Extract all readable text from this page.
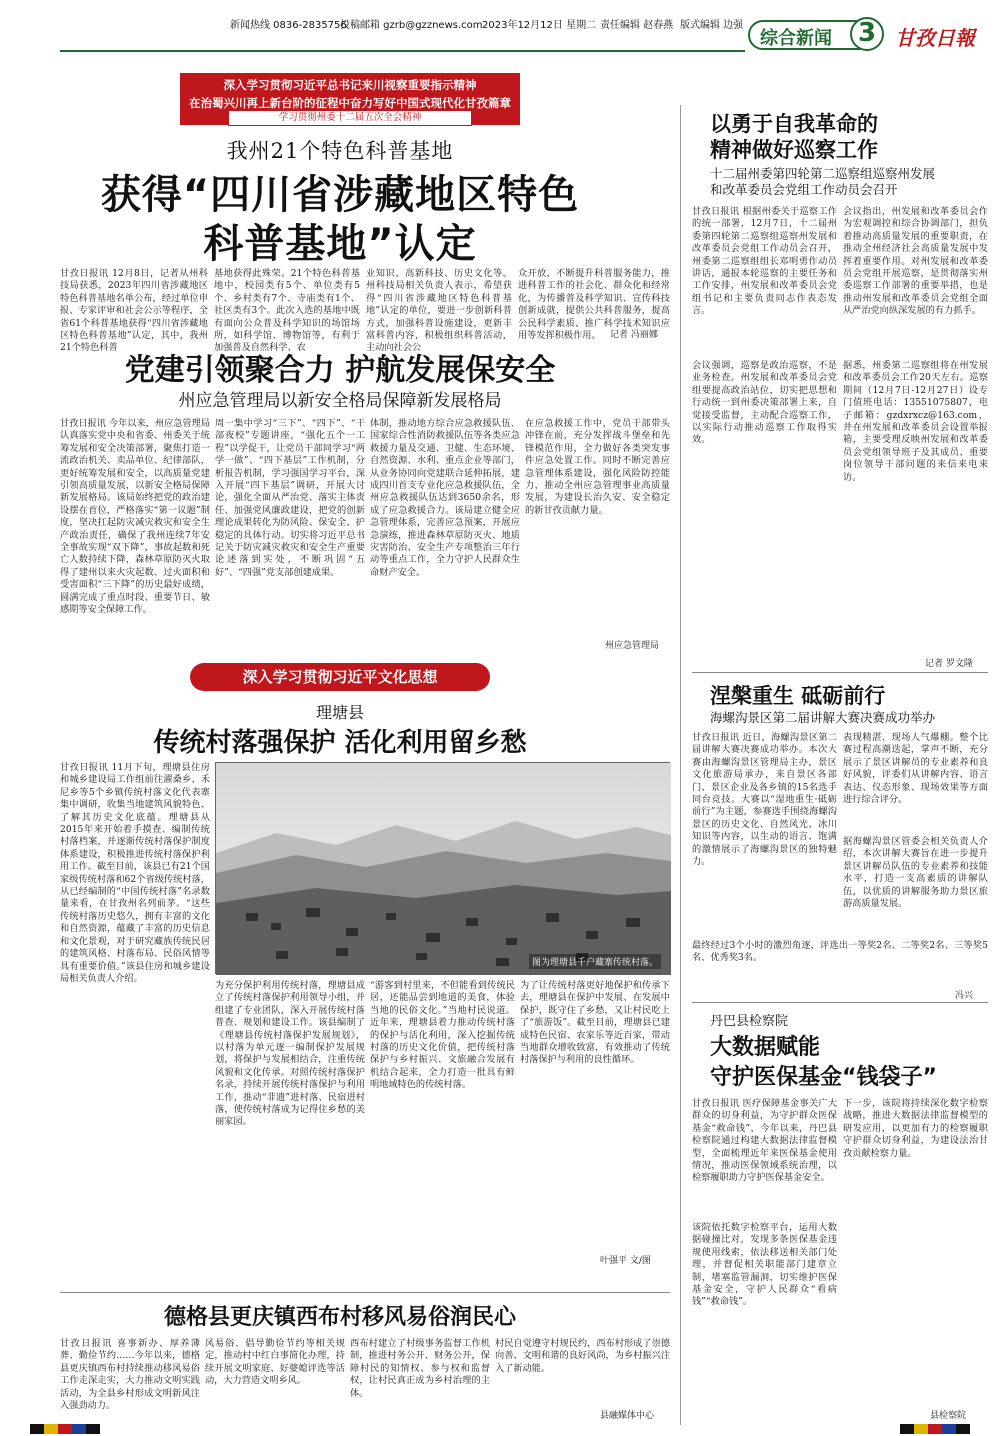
新闻热线 0836-2835756
投稿邮箱 gzrb@gzznews.com 2023年12月12日 星期二 责任编辑 赵春燕 版式编辑 边强
综合新闻 3 甘孜日報
深入学习贯彻习近平总书记来川视察重要指示精神
在治蜀兴川再上新台阶的征程中奋力写好中国式现代化甘孜篇章
学习贯彻州委十二届五次全会精神
我州21个特色科普基地
获得“四川省涉藏地区特色
科普基地”认定
甘孜日报讯 12月8日，记者从州科技局获悉，2023年四川省涉藏地区特色科普基地名单公布，经过单位申报、专家评审和社会公示等程序，全省61个科普基地获得“四川省涉藏地区特色科普基地”认定，其中，我州21个特色科普
基地获得此殊荣。21个特色科普基地中，校园类有5个、单位类有5个、乡村类有7个、寺庙类有1个、社区类有3个。此次入选的基地中既有面向公众普及科学知识的场馆场所，如科学馆、博物馆等，有利于加强普及自然科学、农
业知识、高新科技、历史文化等。州科技局相关负责人表示，希望获得“四川省涉藏地区特色科普基地”认定的单位，要进一步创新科普方式，加强科普设施建设，更新丰富科普内容，积极组织科普活动，主动向社会公
众开放，不断提升科普服务能力，推进科普工作的社会化、群众化和经常化，为传播普及科学知识、宣传科技创新成就，提供公共科普服务，提高公民科学素质、推广科学技术知识应用等发挥积极作用。	记者 冯丽娜
党建引领聚合力 护航发展保安全
州应急管理局以新安全格局保障新发展格局
甘孜日报讯 今年以来，州应急管理局认真落实党中央和省委、州委关于统筹发展和安全决策部署，聚焦打造一流政治机关、卖品单位、纪律部队，更好统筹发展和安全，以高质量党建引领高质量发展，以新安全格局保障新发展格局。该局始终把党的政治建设摆在首位，严格落实“第一议题”制度，坚决扛起防灾减灾救灾和安全生产政治责任，确保了我州连续7年安全事故实现“双下降”，事故起数和死亡人数持续下降，森林草原防灭火取得了建州以来火灾起数、过火面积和受害面积“三下降”的历史最好成绩，圆满完成了重点时段、重要节日、敏感期等安全保障工作。
周一集中学习“三下”、“四下”、“干部夜校”专题讲座，“强化五个一工程”以学促干，让党员干部同学习“两学一做”、“四下基层”工作机制，分析报告机制，学习强国学习平台，深入开展“四下基层”调研，开展大讨论，强化全面从严治党、落实主体责任、加强党风廉政建设，把党的创新理论成果转化为防风险、保安全、护稳定的具体行动。切实将习近平总书记关于防灾减灾救灾和安全生产重要论述落到实处，不断巩固“五好”、“四强”党支部创建成果。
体制，推动地方综合应急救援队伍、国家综合性消防救援队伍等各类应急救援力量及交通、卫健、生态环境、自然资源、水利、重点企业等部门，从业务协同向党建联合延伸拓展，建成四川首支专业化应急救援队伍，全州应急救援队伍达到3650余名，形成了应急救援合力。该局建立健全应急管理体系，完善应急预案，开展应急演练，推进森林草原防灭火、地质灾害防治、安全生产专项整治三年行动等重点工作，全力守护人民群众生命财产安全。
在应急救援工作中，党员干部带头冲锋在前，充分发挥战斗堡垒和先锋模范作用，全力做好各类突发事件应急处置工作。同时不断完善应急管理体系建设，强化风险防控能力，推动全州应急管理事业高质量发展，为建设长治久安、安全稳定的新甘孜贡献力量。
州应急管理局
深入学习贯彻习近平文化思想
理塘县
传统村落强保护 活化利用留乡愁
甘孜日报讯 11月下旬，理塘县住房和城乡建设局工作组前往濯桑乡、禾尼乡等5个乡镇传统村落文化代表寨集中调研，收集当地建筑风貌特色、了解其历史文化底蕴。理塘县从2015年来开始着手摸查、编制传统村落档案，并逐渐传统村落保护制度体系建设，积极推进传统村落保护利用工作。截至目前，该县已有21个国家级传统村落和62个省级传统村落，从已经编制的“中国传统村落”名录数量来看，在甘孜州名列前茅。“这些传统村落历史悠久，拥有丰富的文化和自然资源，蕴藏了丰富的历史信息和文化景观，对于研究藏族传统民居的建筑风格、村落布局、民俗风情等具有重要价值。”该县住房和城乡建设局相关负责人介绍。
图为理塘县千户藏寨传统村落。
为充分保护利用传统村落，理塘县成立了传统村落保护利用领导小组，并组建了专业团队，深入开展传统村落普查、规划和建设工作。该县编制了《理塘县传统村落保护发展规划》，以村落为单元逐一编制保护发展规划，将保护与发展相结合，注重传统风貌和文化传承。对照传统村落保护名录，持续开展传统村落保护与利用工作，推动“非遗”进村落、民宿进村落，使传统村落成为记得住乡愁的美丽家园。
“游客到村里来，不但能看到传统民居，还能品尝到地道的美食，体验当地的民俗文化。”当地村民说道。近年来，理塘县着力推动传统村落的保护与活化利用，深入挖掘传统村落的历史文化价值，把传统村落保护与乡村振兴、文旅融合发展有机结合起来，全力打造一批具有鲜明地域特色的传统村落。
为了让传统村落更好地保护和传承下去，理塘县在保护中发展、在发展中保护，既守住了乡愁，又让村民吃上了“旅游饭”。截至目前，理塘县已建成特色民宿、农家乐等近百家，带动当地群众增收致富，有效推动了传统村落保护与利用的良性循环。
叶强平 文/图
德格县更庆镇西布村移风易俗润民心
甘孜日报讯 喜事新办、厚养薄葬、勤俭节约……今年以来，德格县更庆镇西布村持续推动移风易俗工作走深走实，大力推动文明实践活动，为全县乡村形成文明新风注入强劲动力。
风易俗、倡导勤俭节约等相关规定，推动村中红白事简化办理，持续开展文明家庭、好婆媳评选等活动，大力营造文明乡风。
西布村建立了村级事务监督工作机制，推进村务公开、财务公开，保障村民的知情权、参与权和监督权，让村民真正成为乡村治理的主体。
村民自觉遵守村规民约，西布村形成了崇德向善、文明和谐的良好风尚，为乡村振兴注入了新动能。
县融媒体中心
以勇于自我革命的
精神做好巡察工作
十二届州委第四轮第二巡察组巡察州发展
和改革委员会党组工作动员会召开
甘孜日报讯 根据州委关于巡察工作的统一部署，12月7日，十二届州委第四轮第二巡察组巡察州发展和改革委员会党组工作动员会召开，州委第二巡察组组长邓明勇作动员讲话，通报本轮巡察的主要任务和工作安排，州发展和改革委员会党组书记和主要负责同志作表态发言。
会议指出，州发展和改革委员会作为宏观调控和综合协调部门，担负着推动高质量发展的重要职责，在推动全州经济社会高质量发展中发挥着重要作用。对州发展和改革委员会党组开展巡察，是贯彻落实州委巡察工作部署的重要举措，也是推动州发展和改革委员会党组全面从严治党向纵深发展的有力抓手。
会议强调，巡察是政治巡察，不是业务检查。州发展和改革委员会党组要提高政治站位，切实把思想和行动统一到州委决策部署上来，自觉接受监督，主动配合巡察工作，以实际行动推动巡察工作取得实效。
据悉，州委第二巡察组将在州发展和改革委员会工作20天左右。巡察期间（12月7日-12月27日）设专门值班电话：13551075807，电子邮箱：gzdxrxcz@163.com，并在州发展和改革委员会设置举报箱，主要受理反映州发展和改革委员会党组领导班子及其成员、重要岗位领导干部问题的来信来电来访。
记者 罗文隆
涅槃重生 砥砺前行
海螺沟景区第二届讲解大赛决赛成功举办
甘孜日报讯 近日，海螺沟景区第二届讲解大赛决赛成功举办。本次大赛由海螺沟景区管理局主办，景区文化旅游局承办，来自景区各部门、景区企业及各乡镇的15名选手同台竞技。大赛以“湿地重生·砥砺前行”为主题，参赛选手围绕海螺沟景区的历史文化、自然风光、冰川知识等内容，以生动的语言、饱满的激情展示了海螺沟景区的独特魅力。
表现精湛、现场人气爆棚。整个比赛过程高潮迭起，掌声不断，充分展示了景区讲解员的专业素养和良好风貌，评委们从讲解内容、语言表达、仪态形象、现场效果等方面进行综合评分。
据海螺沟景区管委会相关负责人介绍，本次讲解大赛旨在进一步提升景区讲解员队伍的专业素养和技能水平，打造一支高素质的讲解队伍，以优质的讲解服务助力景区旅游高质量发展。
最终经过3个小时的激烈角逐，评选出一等奖2名、二等奖2名、三等奖5名、优秀奖3名。
冯兴
丹巴县检察院
大数据赋能
守护医保基金“钱袋子”
甘孜日报讯 医疗保障基金事关广大群众的切身利益，为守护群众医保基金“救命钱”，今年以来，丹巴县检察院通过构建大数据法律监督模型，全面梳理近年来医保基金使用情况，推动医保领域系统治理，以检察履职助力守护医保基金安全。
该院依托数字检察平台，运用大数据碰撞比对，发现多条医保基金违规使用线索，依法移送相关部门处理，并督促相关职能部门建章立制，堵塞监管漏洞，切实维护医保基金安全，守护人民群众“看病钱”“救命钱”。
下一步，该院将持续深化数字检察战略，推进大数据法律监督模型的研发应用，以更加有力的检察履职守护群众切身利益，为建设法治甘孜贡献检察力量。
县检察院
